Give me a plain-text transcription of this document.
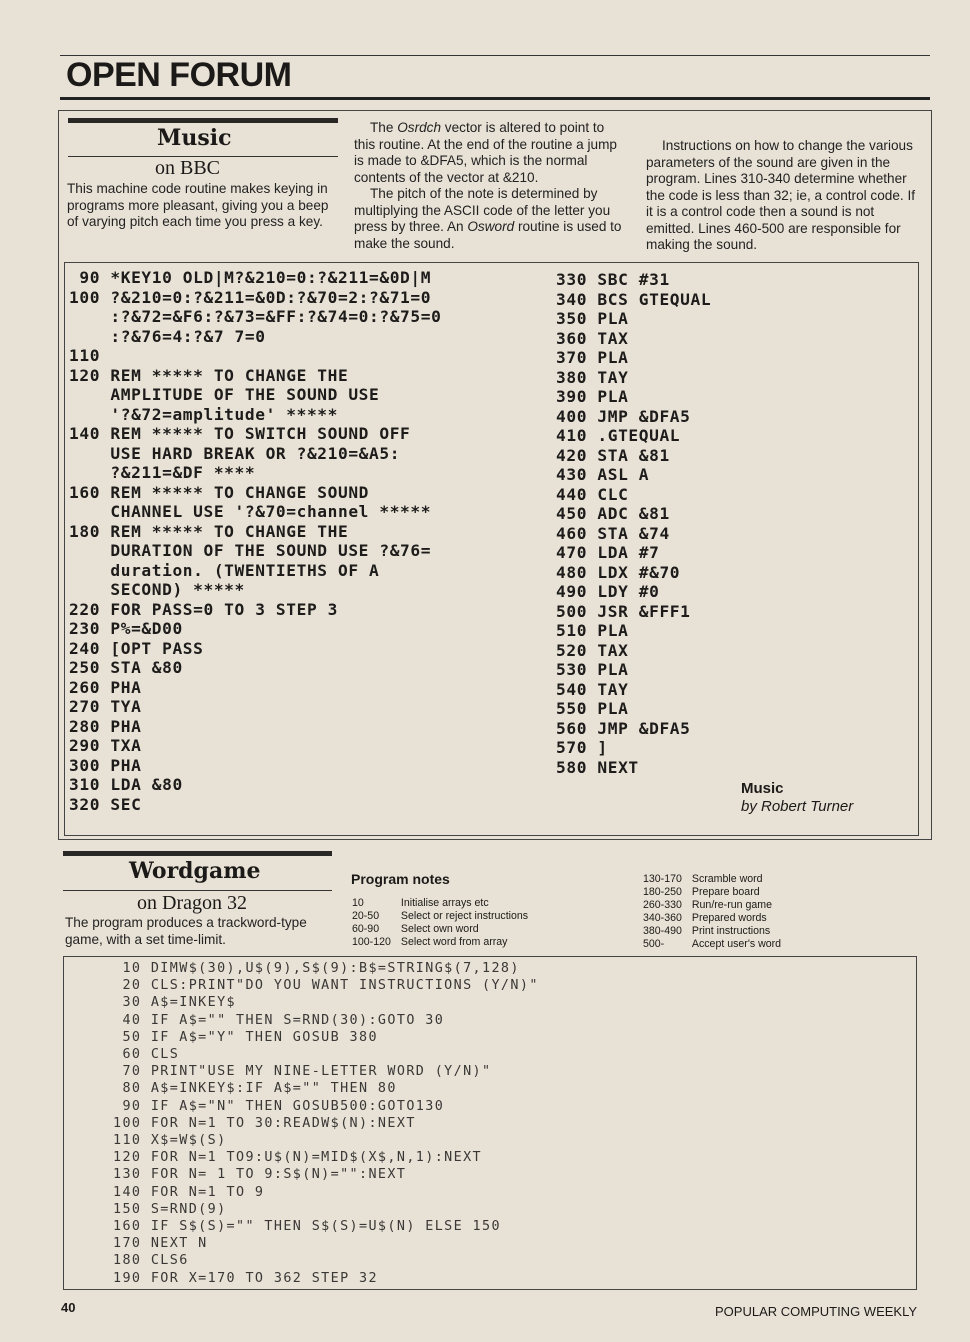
OPEN FORUM
Music
on BBC

This machine code routine makes keying in programs more pleasant, giving you a beep of varying pitch each time you press a key.

The Osrdch vector is altered to point to this routine. At the end of the routine a jump is made to &DFA5, which is the normal contents of the vector at &210.

The pitch of the note is determined by multiplying the ASCII code of the letter you press by three. An Osword routine is used to make the sound.

Instructions on how to change the various parameters of the sound are given in the program. Lines 310-340 determine whether the code is less than 32; ie, a control code. If it is a control code then a sound is not emitted. Lines 460-500 are responsible for making the sound.

90 *KEY10 OLD|M?&210=0:?&211=&0D|M
100 ?&210=0:?&211=&0D:?&70=2:?&71=0
:?&72=&F6:?&73=&FF:?&74=0:?&75=0
:?&76=4:?&7 7=0
110
120 REM ***** TO CHANGE THE
AMPLITUDE OF THE SOUND USE
'?&72=amplitude' *****
140 REM ***** TO SWITCH SOUND OFF
USE HARD BREAK OR ?&210=&A5:
?&211=&DF ****
160 REM ***** TO CHANGE SOUND
CHANNEL USE '?&70=channel *****
180 REM ***** TO CHANGE THE
DURATION OF THE SOUND USE ?&76=
duration. (TWENTIETHS OF A
SECOND) *****
220 FOR PASS=0 TO 3 STEP 3
230 P%=&D00
240 [OPT PASS
250 STA &80
260 PHA
270 TYA
280 PHA
290 TXA
300 PHA
310 LDA &80
320 SEC
330 SBC #31
340 BCS GTEQUAL
350 PLA
360 TAX
370 PLA
380 TAY
390 PLA
400 JMP &DFA5
410 .GTEQUAL
420 STA &81
430 ASL A
440 CLC
450 ADC &81
460 STA &74
470 LDA #7
480 LDX #&70
490 LDY #0
500 JSR &FFF1
510 PLA
520 TAX
530 PLA
540 TAY
550 PLA
560 JMP &DFA5
570 ]
580 NEXT
Music
by Robert Turner
Wordgame
on Dragon 32

The program produces a trackword-type game, with a set time-limit.

Program notes
10	Initialise arrays etc
20-50	Select or reject instructions
60-90	Select own word
100-120	Select word from array
130-170	Scramble word
180-250	Prepare board
260-330	Run/re-run game
340-360	Prepared words
380-490	Print instructions
500-	Accept user's word
10 DIMW$(30),U$(9),S$(9):B$=STRING$(7,128)
20 CLS:PRINT"DO YOU WANT INSTRUCTIONS (Y/N)"
30 A$=INKEY$
40 IF A$="" THEN S=RND(30):GOTO 30
50 IF A$="Y" THEN GOSUB 380
60 CLS
70 PRINT"USE MY NINE-LETTER WORD (Y/N)"
80 A$=INKEY$:IF A$="" THEN 80
90 IF A$="N" THEN GOSUB500:GOTO130
100 FOR N=1 TO 30:READW$(N):NEXT
110 X$=W$(S)
120 FOR N=1 TO9:U$(N)=MID$(X$,N,1):NEXT
130 FOR N= 1 TO 9:S$(N)="":NEXT
140 FOR N=1 TO 9
150 S=RND(9)
160 IF S$(S)="" THEN S$(S)=U$(N) ELSE 150
170 NEXT N
180 CLS6
190 FOR X=170 TO 362 STEP 32
40	POPULAR COMPUTING WEEKLY
